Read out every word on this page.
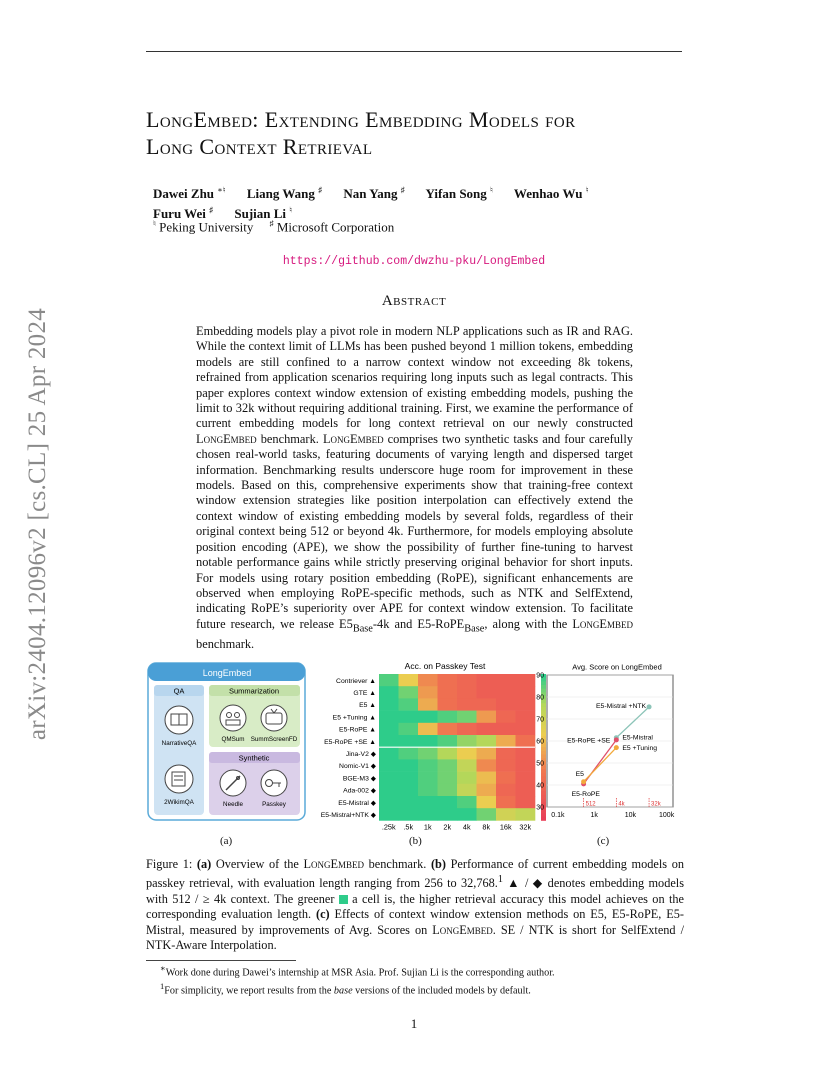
arXiv:2404.12096v2 [cs.CL] 25 Apr 2024
LongEmbed: Extending Embedding Models for
Long Context Retrieval
Dawei Zhu ∗♮ Liang Wang ♯ Nan Yang ♯ Yifan Song ♮ Wenhao Wu ♮
Furu Wei ♯ Sujian Li ♮
♮ Peking University ♯ Microsoft Corporation
https://github.com/dwzhu-pku/LongEmbed
Abstract
Embedding models play a pivot role in modern NLP applications such as IR and RAG. While the context limit of LLMs has been pushed beyond 1 million tokens, embedding models are still confined to a narrow context window not exceeding 8k tokens, refrained from application scenarios requiring long inputs such as legal contracts. This paper explores context window extension of existing embedding models, pushing the limit to 32k without requiring additional training. First, we examine the performance of current embedding models for long context retrieval on our newly constructed LongEmbed benchmark. LongEmbed comprises two synthetic tasks and four carefully chosen real-world tasks, featuring documents of varying length and dispersed target information. Benchmarking results underscore huge room for improvement in these models. Based on this, comprehensive experiments show that training-free context window extension strategies like position interpolation can effectively extend the context window of existing embedding models by several folds, regardless of their original context being 512 or beyond 4k. Furthermore, for models employing absolute position encoding (APE), we show the possibility of further fine-tuning to harvest notable performance gains while strictly preserving original behavior for short inputs. For models using rotary position embedding (RoPE), significant enhancements are observed when employing RoPE-specific methods, such as NTK and SelfExtend, indicating RoPE’s superiority over APE for context window extension. To facilitate future research, we release $E5_{Base}-4k$ and E5-RoPE$_{Base}$, along with the LongEmbed benchmark.
LongEmbed
QA	Summarization
Synthetic
NarrativeQA
QMSum SummScreenFD
2WikimQA	Needle	Passkey
Acc. on Passkey Test
Contriever ▲
GTE ▲
E5 ▲
E5 +Tuning ▲
E5-RoPE ▲
E5-RoPE +SE ▲
Jina-V2 ◆
Nomic-V1 ◆
BGE-M3 ◆
Ada-002 ◆
E5-Mistral ◆
E5-Mistral+NTK ◆
.25k .5k 1k 2k 4k 8k 16k 32k
Avg. Score on LongEmbed
30
40
50
60
70
80
90
0.1k	1k	10k	100k
512	4k	32k
E5-Mistral +NTK
E5-Mistral
E5-RoPE +SE
E5 +Tuning
E5
E5-RoPE
(a)	(b)	(c)
Figure 1: (a) Overview of the LongEmbed benchmark. (b) Performance of current embedding models on passkey retrieval, with evaluation length ranging from 256 to 32,768.$^1$ ▲ / ◆ denotes embedding models with 512 / ≥ 4k context. The greener  a cell is, the higher retrieval accuracy this model achieves on the corresponding evaluation length. (c) Effects of context window extension methods on E5, E5-RoPE, E5-Mistral, measured by improvements of Avg. Scores on LongEmbed. SE / NTK is short for SelfExtend / NTK-Aware Interpolation.
∗Work done during Dawei’s internship at MSR Asia. Prof. Sujian Li is the corresponding author.
$^1$For simplicity, we report results from the base versions of the included models by default.
1
